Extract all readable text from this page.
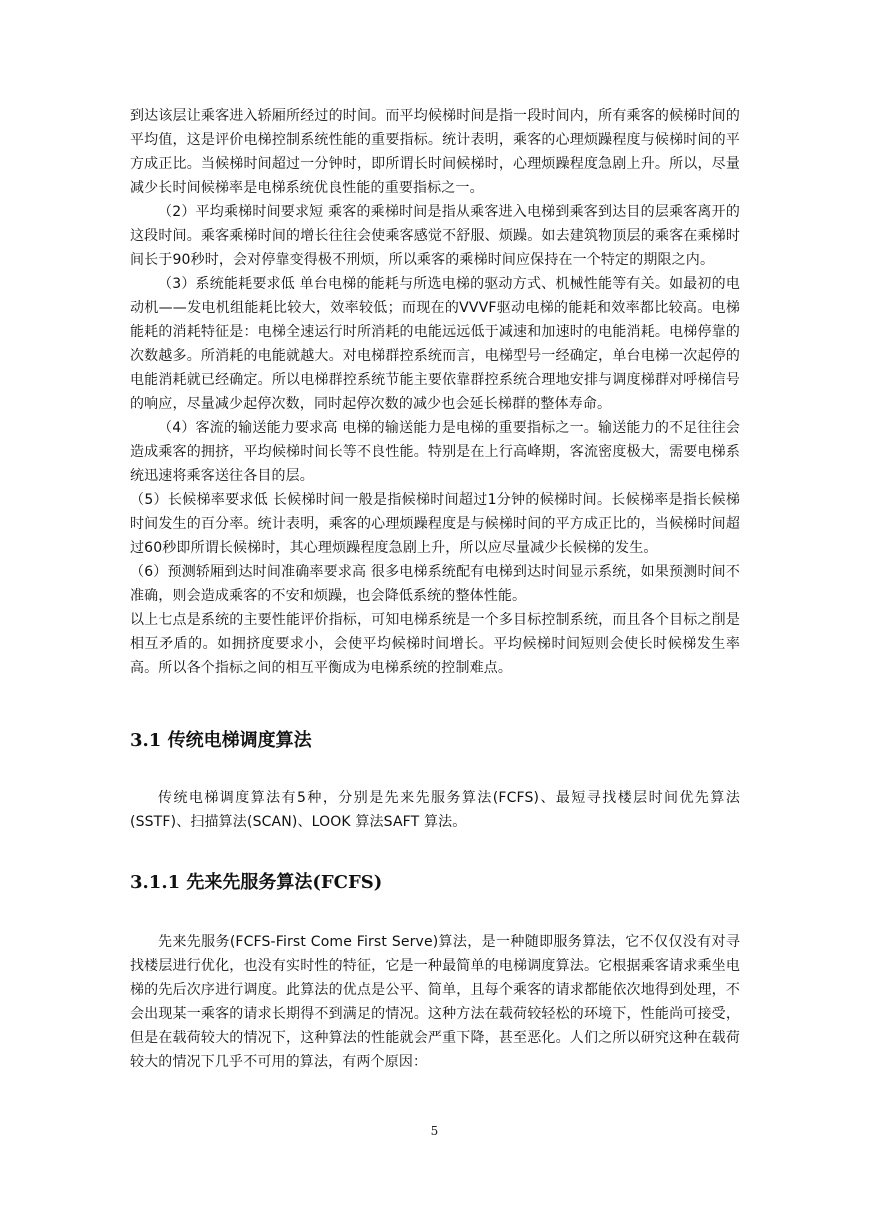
到达该层让乘客进入轿厢所经过的时间。而平均候梯时间是指一段时间内，所有乘客的候梯时间的平均值，这是评价电梯控制系统性能的重要指标。统计表明，乘客的心理烦躁程度与候梯时间的平方成正比。当候梯时间超过一分钟时，即所谓长时间候梯时，心理烦躁程度急剧上升。所以，尽量减少长时间候梯率是电梯系统优良性能的重要指标之一。

（2）平均乘梯时间要求短 乘客的乘梯时间是指从乘客进入电梯到乘客到达目的层乘客离开的这段时间。乘客乘梯时间的增长往往会使乘客感觉不舒服、烦躁。如去建筑物顶层的乘客在乘梯时间长于90秒时，会对停靠变得极不刑烦，所以乘客的乘梯时间应保持在一个特定的期限之内。

（3）系统能耗要求低 单台电梯的能耗与所选电梯的驱动方式、机械性能等有关。如最初的电动机——发电机组能耗比较大，效率较低；而现在的VVVF驱动电梯的能耗和效率都比较高。电梯能耗的消耗特征是：电梯全速运行时所消耗的电能远远低于减速和加速时的电能消耗。电梯停靠的次数越多。所消耗的电能就越大。对电梯群控系统而言，电梯型号一经确定，单台电梯一次起停的电能消耗就已经确定。所以电梯群控系统节能主要依靠群控系统合理地安排与调度梯群对呼梯信号的响应，尽量减少起停次数，同时起停次数的减少也会延长梯群的整体寿命。

（4）客流的输送能力要求高 电梯的输送能力是电梯的重要指标之一。输送能力的不足往往会造成乘客的拥挤，平均候梯时间长等不良性能。特别是在上行高峰期，客流密度极大，需要电梯系统迅速将乘客送往各目的层。

（5）长候梯率要求低 长候梯时间一般是指候梯时间超过1分钟的候梯时间。长候梯率是指长候梯时间发生的百分率。统计表明，乘客的心理烦躁程度是与候梯时间的平方成正比的，当候梯时间超过60秒即所谓长候梯时，其心理烦躁程度急剧上升，所以应尽量减少长候梯的发生。

（6）预测轿厢到达时间准确率要求高 很多电梯系统配有电梯到达时间显示系统，如果预测时间不准确，则会造成乘客的不安和烦躁，也会降低系统的整体性能。

以上七点是系统的主要性能评价指标，可知电梯系统是一个多目标控制系统，而且各个目标之削是相互矛盾的。如拥挤度要求小，会使平均候梯时间增长。平均候梯时间短则会使长时候梯发生率高。所以各个指标之间的相互平衡成为电梯系统的控制难点。

3.1 传统电梯调度算法

传统电梯调度算法有5种，分别是先来先服务算法(FCFS)、最短寻找楼层时间优先算法(SSTF)、扫描算法(SCAN)、LOOK 算法SAFT 算法。

3.1.1 先来先服务算法(FCFS)

先来先服务(FCFS-First Come First Serve)算法，是一种随即服务算法，它不仅仅没有对寻找楼层进行优化，也没有实时性的特征，它是一种最简单的电梯调度算法。它根据乘客请求乘坐电梯的先后次序进行调度。此算法的优点是公平、简单，且每个乘客的请求都能依次地得到处理，不会出现某一乘客的请求长期得不到满足的情况。这种方法在载荷较轻松的环境下，性能尚可接受，但是在载荷较大的情况下，这种算法的性能就会严重下降，甚至恶化。人们之所以研究这种在载荷较大的情况下几乎不可用的算法，有两个原因：

5
